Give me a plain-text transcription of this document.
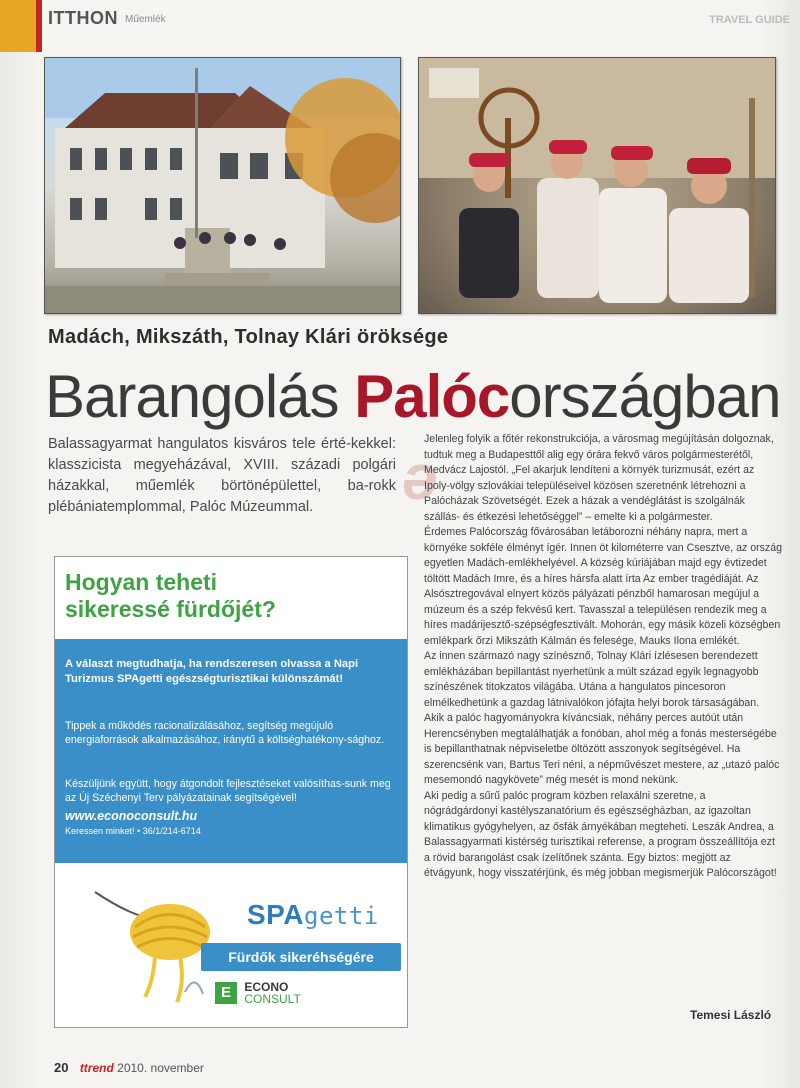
ITTHON Műemlék	TRAVEL GUIDE
Madách, Mikszáth, Tolnay Klári öröksége
Barangolás Palócországban
Balassagyarmat hangulatos kisváros tele érté-kekkel: klasszicista megyeházával, XVIII. századi polgári házakkal, műemlék börtönépülettel, ba-rokk plébániatemplommal, Palóc Múzeummal.	ə

Jelenleg folyik a főtér rekonstrukciója, a városmag megújításán dolgoznak, tudtuk meg a Budapesttől alig egy órára fekvő város polgármesterétől, Medvácz Lajostól. „Fel akarjuk lendíteni a környék turizmusát, ezért az Ipoly-völgy szlovákiai településeivel közösen szeretnénk létrehozni a Palócházak Szövetségét. Ezek a házak a vendéglátást is szolgálnák szállás- és étkezési lehetőséggel” – emelte ki a polgármester.

Érdemes Palócország fővárosában letáborozni néhány napra, mert a környéke sokféle élményt ígér. Innen öt kilométerre van Csesztve, az ország egyetlen Madách-emlékhelyével. A község kúriájában majd egy évtizedet töltött Madách Imre, és a híres hársfa alatt írta Az ember tragédiáját. Az Alsósztregovával elnyert közös pályázati pénzből hamarosan megújul a múzeum és a szép fekvésű kert. Tavasszal a településen rendezik meg a híres madárijesztő-szépségfesztivált. Mohorán, egy másik közeli községben emlékpark őrzi Mikszáth Kálmán és felesége, Mauks Ilona emlékét.

Az innen származó nagy színésznő, Tolnay Klári ízlésesen berendezett emlékházában bepillantást nyerhetünk a múlt század egyik legnagyobb színészének titokzatos világába. Utána a hangulatos pincesoron elmélkedhetünk a gazdag látnivalókon jófajta helyi borok társaságában.

Akik a palóc hagyományokra kíváncsiak, néhány perces autóút után Herencsényben megtalálhatják a fonóban, ahol még a fonás mesterségébe is bepillanthatnak népviseletbe öltözött asszonyok segítségével. Ha szerencsénk van, Bartus Teri néni, a népművészet mestere, az „utazó palóc mesemondó nagykövete” még mesét is mond nekünk.

Aki pedig a sűrű palóc program közben relaxálni szeretne, a nógrádgárdonyi kastélyszanatórium és egészségházban, az igazoltan klimatikus gyógyhelyen, az ősfák árnyékában megteheti. Leszák Andrea, a Balassagyarmati kistérség turisztikai referense, a program összeállítója ezt a rövid barangolást csak ízelítőnek szánta. Egy biztos: megjött az étvágyunk, hogy visszatérjünk, és még jobban megismerjük Palócországot!

Temesi László
Hogyan teheti
sikeressé fürdőjét?
A választ megtudhatja, ha rendszeresen olvassa a Napi Turizmus SPAgetti egészségturisztikai különszámát!
Tippek a működés racionalizálásához, segítség megújuló energiaforrások alkalmazásához, iránytű a költséghatékony-sághoz.
Készüljünk együtt, hogy átgondolt fejlesztéseket valósíthas-sunk meg az Új Széchenyi Terv pályázatainak segítségével!
www.econoconsult.hu
Keressen minket! • 36/1/214-6714
SPAgetti
Fürdők sikeréhségére
E ECONO
CONSULT
20 ttrend 2010. november
